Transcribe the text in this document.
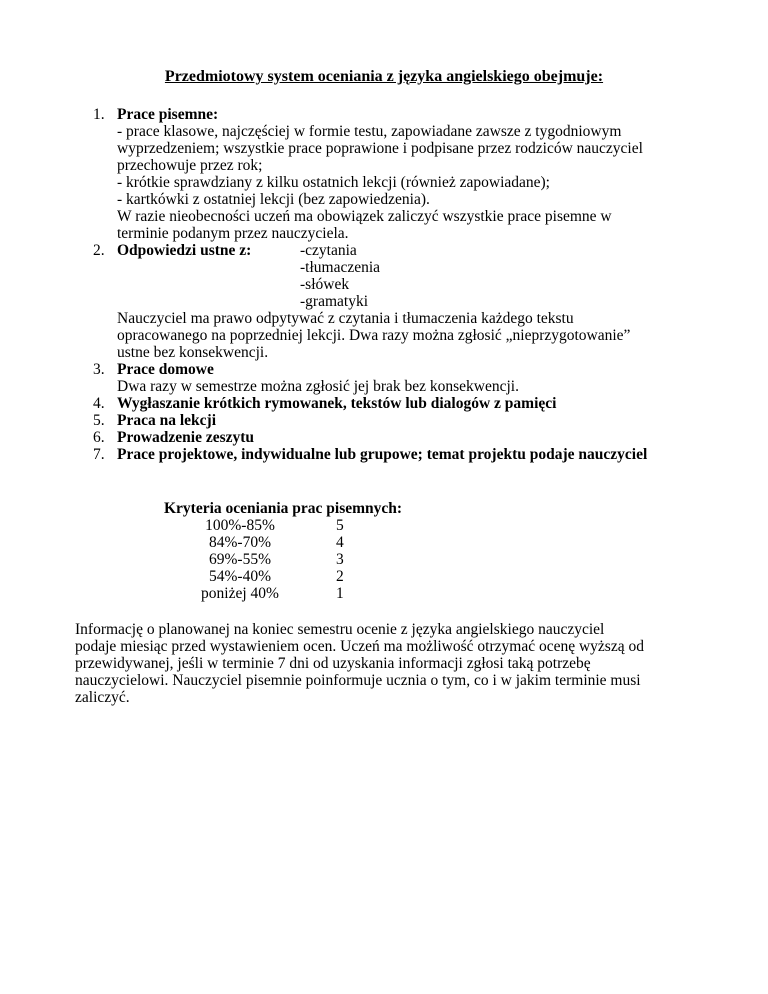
Przedmiotowy system oceniania z języka angielskiego obejmuje:
1. Prace pisemne:
- prace klasowe, najczęściej w formie testu, zapowiadane zawsze z tygodniowym
wyprzedzeniem; wszystkie prace poprawione i podpisane przez rodziców nauczyciel
przechowuje przez rok;
- krótkie sprawdziany z kilku ostatnich lekcji (również zapowiadane);
- kartkówki z ostatniej lekcji (bez zapowiedzenia).
W razie nieobecności uczeń ma obowiązek zaliczyć wszystkie prace pisemne w
terminie podanym przez nauczyciela.
2. Odpowiedzi ustne z:	-czytania
-tłumaczenia
-słówek
-gramatyki
Nauczyciel ma prawo odpytywać z czytania i tłumaczenia każdego tekstu
opracowanego na poprzedniej lekcji. Dwa razy można zgłosić „nieprzygotowanie”
ustne bez konsekwencji.
3. Prace domowe
Dwa razy w semestrze można zgłosić jej brak bez konsekwencji.
4. Wygłaszanie krótkich rymowanek, tekstów lub dialogów z pamięci
5. Praca na lekcji
6. Prowadzenie zeszytu
7. Prace projektowe, indywidualne lub grupowe; temat projektu podaje nauczyciel
Kryteria oceniania prac pisemnych:
100%-85%	5
84%-70%	4
69%-55%	3
54%-40%	2
poniżej 40%	1
Informację o planowanej na koniec semestru ocenie z języka angielskiego nauczyciel
podaje miesiąc przed wystawieniem ocen. Uczeń ma możliwość otrzymać ocenę wyższą od
przewidywanej, jeśli w terminie 7 dni od uzyskania informacji zgłosi taką potrzebę
nauczycielowi. Nauczyciel pisemnie poinformuje ucznia o tym, co i w jakim terminie musi
zaliczyć.
